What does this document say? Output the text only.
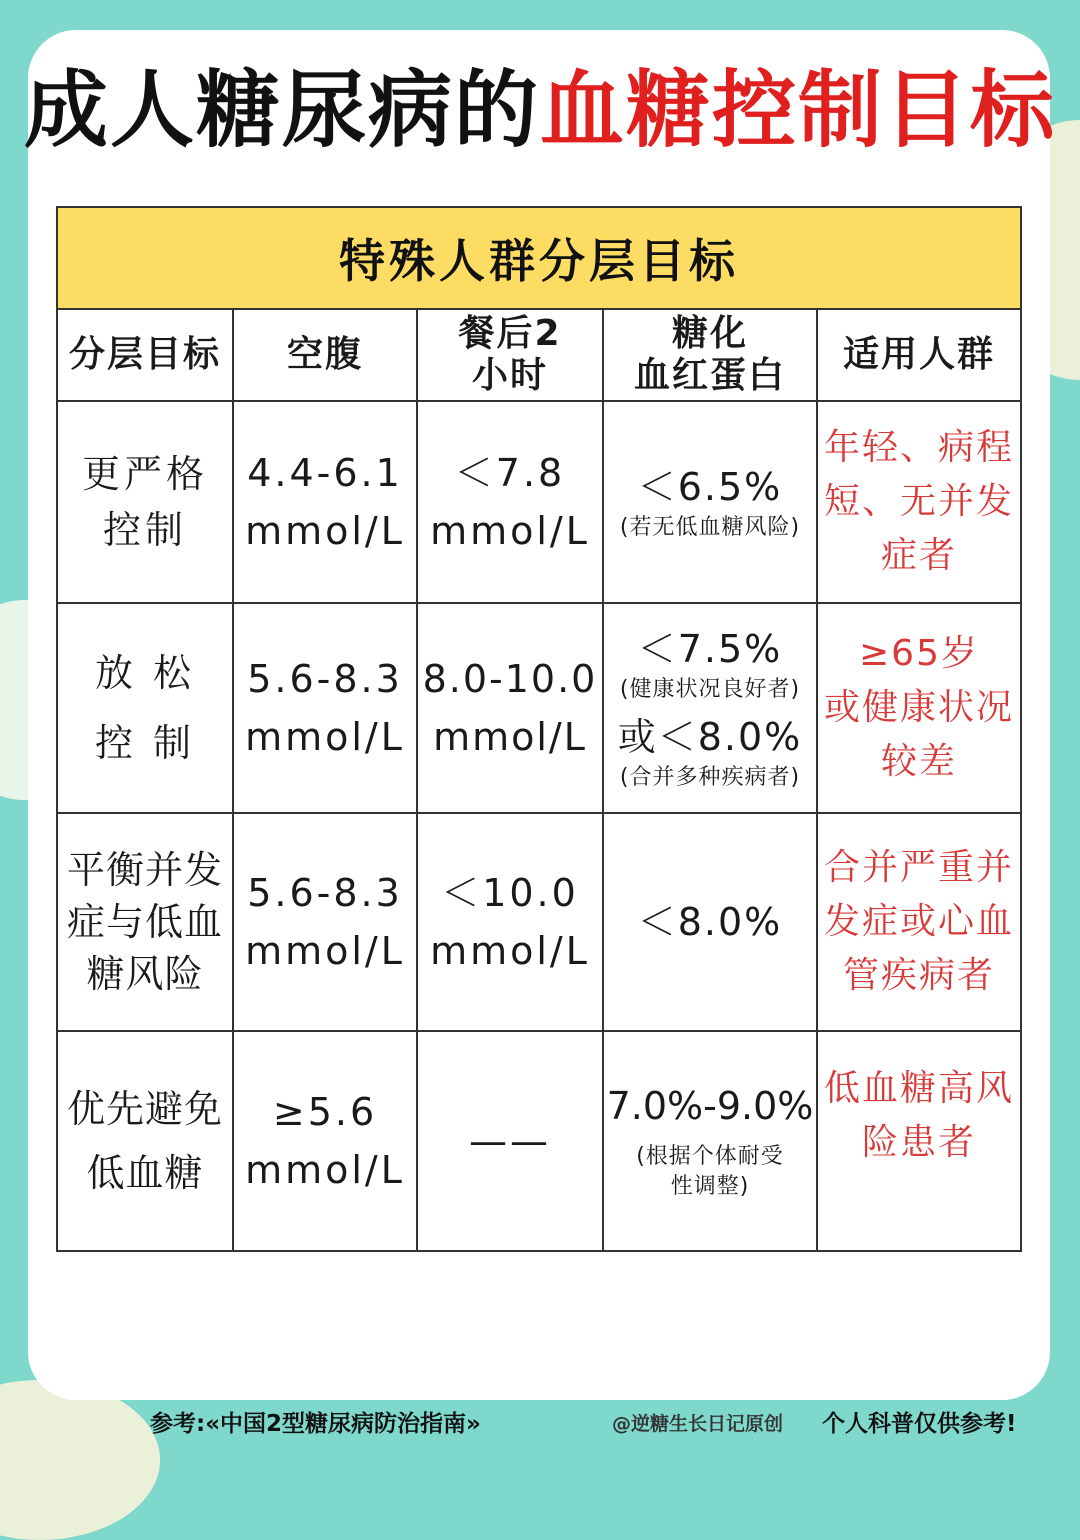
成人糖尿病的血糖控制目标
特殊人群分层目标
分层目标 空腹
餐后2
小时
糖化
血红蛋白
适用人群
更严格
控制
4.4-6.1
mmol/L
＜7.8
mmol/L
＜6.5%
(若无低血糖风险)
年轻、病程
短、无并发
症者
放 松
控 制
5.6-8.3
mmol/L
8.0-10.0
mmol/L
＜7.5%
(健康状况良好者)
或＜8.0%
(合并多种疾病者)
≥65岁
或健康状况
较差
平衡并发
症与低血
糖风险
5.6-8.3
mmol/L
＜10.0
mmol/L
＜8.0%
合并严重并
发症或心血
管疾病者
优先避免
低血糖
≥5.6
mmol/L
——
7.0%-9.0%
(根据个体耐受
性调整)
低血糖高风
险患者
参考:«中国2型糖尿病防治指南»	@逆糖生长日记原创 个人科普仅供参考!
